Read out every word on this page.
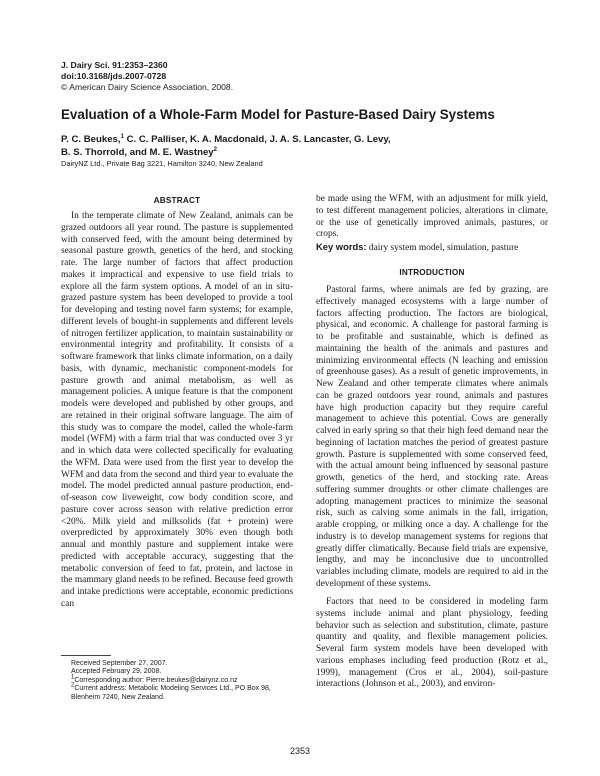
J. Dairy Sci. 91:2353–2360
doi:10.3168/jds.2007-0728
© American Dairy Science Association, 2008.
Evaluation of a Whole-Farm Model for Pasture-Based Dairy Systems
P. C. Beukes,$^1$ C. C. Palliser, K. A. Macdonald, J. A. S. Lancaster, G. Levy,
B. S. Thorrold, and M. E. Wastney$^2$
DairyNZ Ltd., Private Bag 3221, Hamilton 3240, New Zealand
ABSTRACT
In the temperate climate of New Zealand, animals can be grazed outdoors all year round. The pasture is supplemented with conserved feed, with the amount being determined by seasonal pasture growth, genetics of the herd, and stocking rate. The large number of factors that affect production makes it impractical and expensive to use field trials to explore all the farm system options. A model of an in situ-grazed pasture system has been developed to provide a tool for developing and testing novel farm systems; for example, different levels of bought-in supplements and different levels of nitrogen fertilizer application, to maintain sustainability or environmental integrity and profitability. It consists of a software framework that links climate information, on a daily basis, with dynamic, mechanistic component-models for pasture growth and animal metabolism, as well as management policies. A unique feature is that the component models were developed and published by other groups, and are retained in their original software language. The aim of this study was to compare the model, called the whole-farm model (WFM) with a farm trial that was conducted over 3 yr and in which data were collected specifically for evaluating the WFM. Data were used from the first year to develop the WFM and data from the second and third year to evaluate the model. The model predicted annual pasture production, end-of-season cow liveweight, cow body condition score, and pasture cover across season with relative prediction error <20%. Milk yield and milksolids (fat + protein) were overpredicted by approximately 30% even though both annual and monthly pasture and supplement intake were predicted with acceptable accuracy, suggesting that the metabolic conversion of feed to fat, protein, and lactose in the mammary gland needs to be refined. Because feed growth and intake predictions were acceptable, economic predictions can
be made using the WFM, with an adjustment for milk yield, to test different management policies, alterations in climate, or the use of genetically improved animals, pastures, or crops.
Key words: dairy system model, simulation, pasture
INTRODUCTION
Pastoral farms, where animals are fed by grazing, are effectively managed ecosystems with a large number of factors affecting production. The factors are biological, physical, and economic. A challenge for pastoral farming is to be profitable and sustainable, which is defined as maintaining the health of the animals and pastures and minimizing environmental effects (N leaching and emission of greenhouse gases). As a result of genetic improvements, in New Zealand and other temperate climates where animals can be grazed outdoors year round, animals and pastures have high production capacity but they require careful management to achieve this potential. Cows are generally calved in early spring so that their high feed demand near the beginning of lactation matches the period of greatest pasture growth. Pasture is supplemented with some conserved feed, with the actual amount being influenced by seasonal pasture growth, genetics of the herd, and stocking rate. Areas suffering summer droughts or other climate challenges are adopting management practices to minimize the seasonal risk, such as calving some animals in the fall, irrigation, arable cropping, or milking once a day. A challenge for the industry is to develop management systems for regions that greatly differ climatically. Because field trials are expensive, lengthy, and may be inconclusive due to uncontrolled variables including climate, models are required to aid in the development of these systems.
Factors that need to be considered in modeling farm systems include animal and plant physiology, feeding behavior such as selection and substitution, climate, pasture quantity and quality, and flexible management policies. Several farm system models have been developed with various emphases including feed production (Rotz et al., 1999), management (Cros et al., 2004), soil-pasture interactions (Johnson et al., 2003), and environ-
Received September 27, 2007.
Accepted February 29, 2008.
$^1$Corresponding author: Pierre.beukes@dairynz.co.nz
$^2$Current address: Metabolic Modeling Services Ltd., PO Box 98, Blenheim 7240, New Zealand.
2353
